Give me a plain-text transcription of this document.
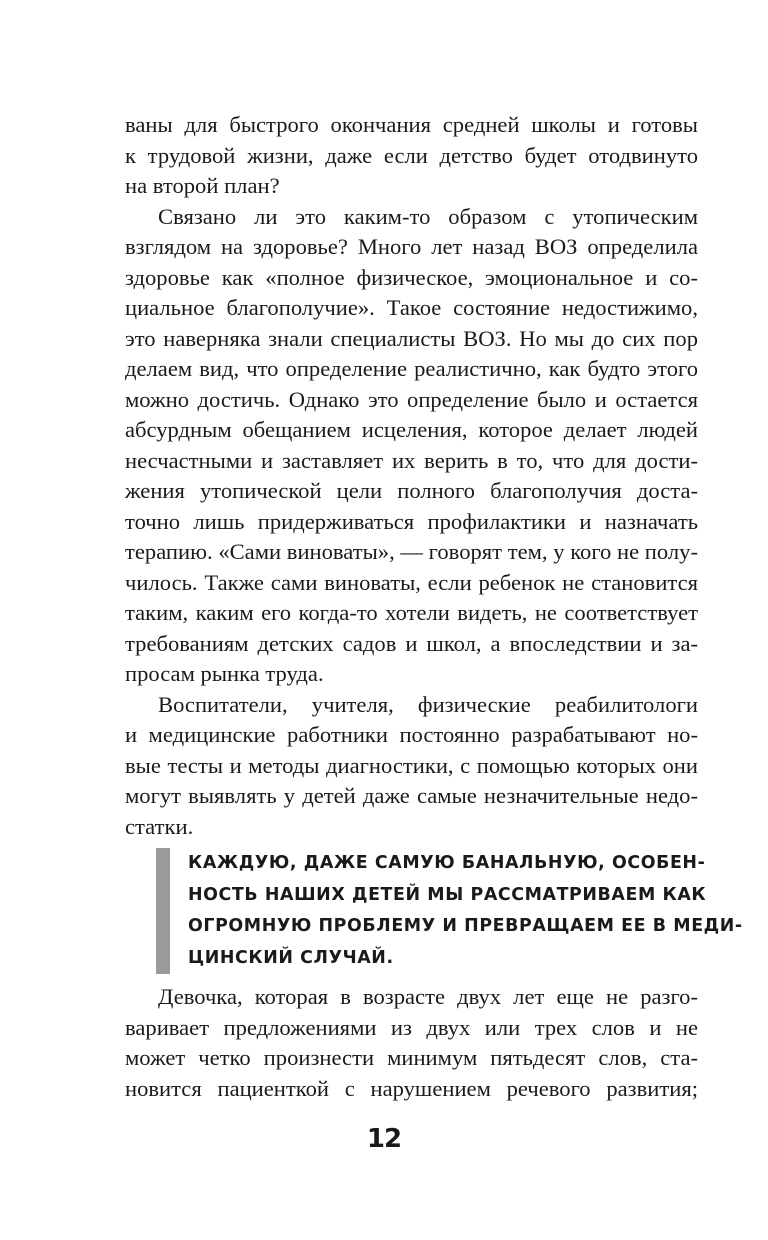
ваны для быстрого окончания средней школы и готовы
к трудовой жизни, даже если детство будет отодвинуто
на второй план?
Связано ли это каким-то образом с утопическим
взглядом на здоровье? Много лет назад ВОЗ определила
здоровье как «полное физическое, эмоциональное и со-
циальное благополучие». Такое состояние недостижимо,
это наверняка знали специалисты ВОЗ. Но мы до сих пор
делаем вид, что определение реалистично, как будто этого
можно достичь. Однако это определение было и остается
абсурдным обещанием исцеления, которое делает людей
несчастными и заставляет их верить в то, что для дости-
жения утопической цели полного благополучия доста-
точно лишь придерживаться профилактики и назначать
терапию. «Сами виноваты», — говорят тем, у кого не полу-
чилось. Также сами виноваты, если ребенок не становится
таким, каким его когда-то хотели видеть, не соответствует
требованиям детских садов и школ, а впоследствии и за-
просам рынка труда.
Воспитатели, учителя, физические реабилитологи
и медицинские работники постоянно разрабатывают но-
вые тесты и методы диагностики, с помощью которых они
могут выявлять у детей даже самые незначительные недо-
статки.
КАЖДУЮ, ДАЖЕ САМУЮ БАНАЛЬНУЮ, ОСОБЕН-
НОСТЬ НАШИХ ДЕТЕЙ МЫ РАССМАТРИВАЕМ КАК
ОГРОМНУЮ ПРОБЛЕМУ И ПРЕВРАЩАЕМ ЕЕ В МЕДИ-
ЦИНСКИЙ СЛУЧАЙ.
Девочка, которая в возрасте двух лет еще не разго-
варивает предложениями из двух или трех слов и не
может четко произнести минимум пятьдесят слов, ста-
новится пациенткой с нарушением речевого развития;
12
